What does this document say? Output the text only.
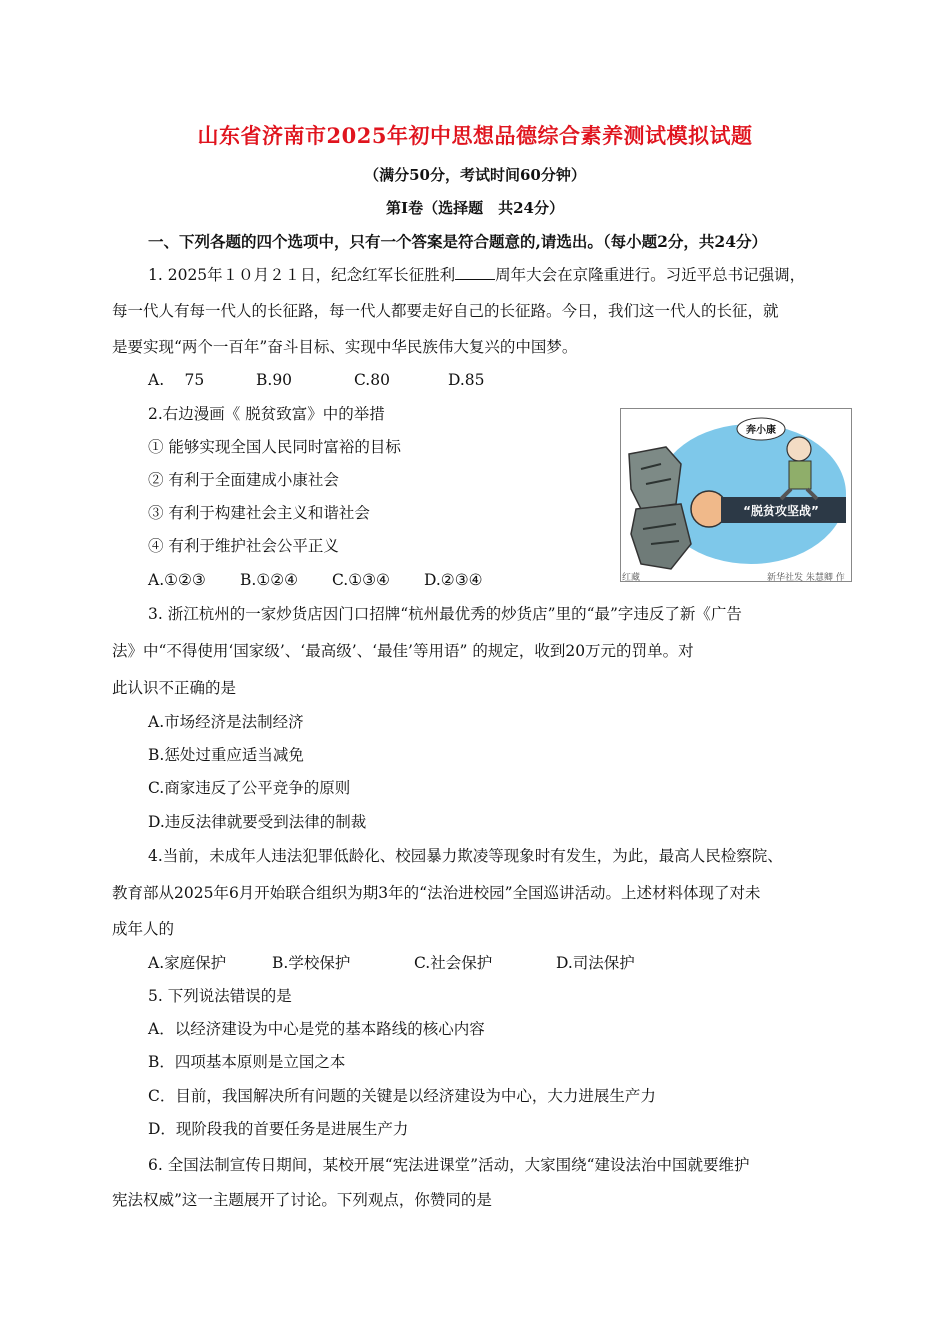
山东省济南市2025年初中思想品德综合素养测试模拟试题
（满分50分，考试时间60分钟）
第Ⅰ卷（选择题　共24分）
一、下列各题的四个选项中，只有一个答案是符合题意的,请选出。（每小题2分，共24分）
1. 2025年１０月２１日，纪念红军长征胜利	周年大会在京隆重进行。习近平总书记强调，
每一代人有每一代人的长征路，每一代人都要走好自己的长征路。今日，我们这一代人的长征，就
是要实现“两个一百年”奋斗目标、实现中华民族伟大复兴的中国梦。
A.　 75	B.90	C.80	D.85
2.右边漫画《 脱贫致富》中的举措
① 能够实现全国人民同时富裕的目标
② 有利于全面建成小康社会
③ 有利于构建社会主义和谐社会
④ 有利于维护社会公平正义
A.①②③ B.①②④ C.①③④ D.②③④
“脱贫攻坚战”
奔小康
红藏	新华社发 朱慧卿 作
3. 浙江杭州的一家炒货店因门口招牌“杭州最优秀的炒货店”里的“最”字违反了新《广告
法》中“不得使用‘国家级’、‘最高级’、‘最佳’等用语” 的规定，收到20万元的罚单。对
此认识不正确的是
A.市场经济是法制经济
B.惩处过重应适当减免
C.商家违反了公平竞争的原则
D.违反法律就要受到法律的制裁
4.当前，未成年人违法犯罪低龄化、校园暴力欺凌等现象时有发生，为此，最高人民检察院、
教育部从2025年6月开始联合组织为期3年的“法治进校园”全国巡讲活动。上述材料体现了对未
成年人的
A.家庭保护	B.学校保护	C.社会保护	D.司法保护
5. 下列说法错误的是
A．以经济建设为中心是党的基本路线的核心内容
B．四项基本原则是立国之本
C．目前，我国解决所有问题的关键是以经济建设为中心，大力进展生产力
D．现阶段我的首要任务是进展生产力
6. 全国法制宣传日期间，某校开展“宪法进课堂”活动，大家围绕“建设法治中国就要维护
宪法权威”这一主题展开了讨论。下列观点，你赞同的是
